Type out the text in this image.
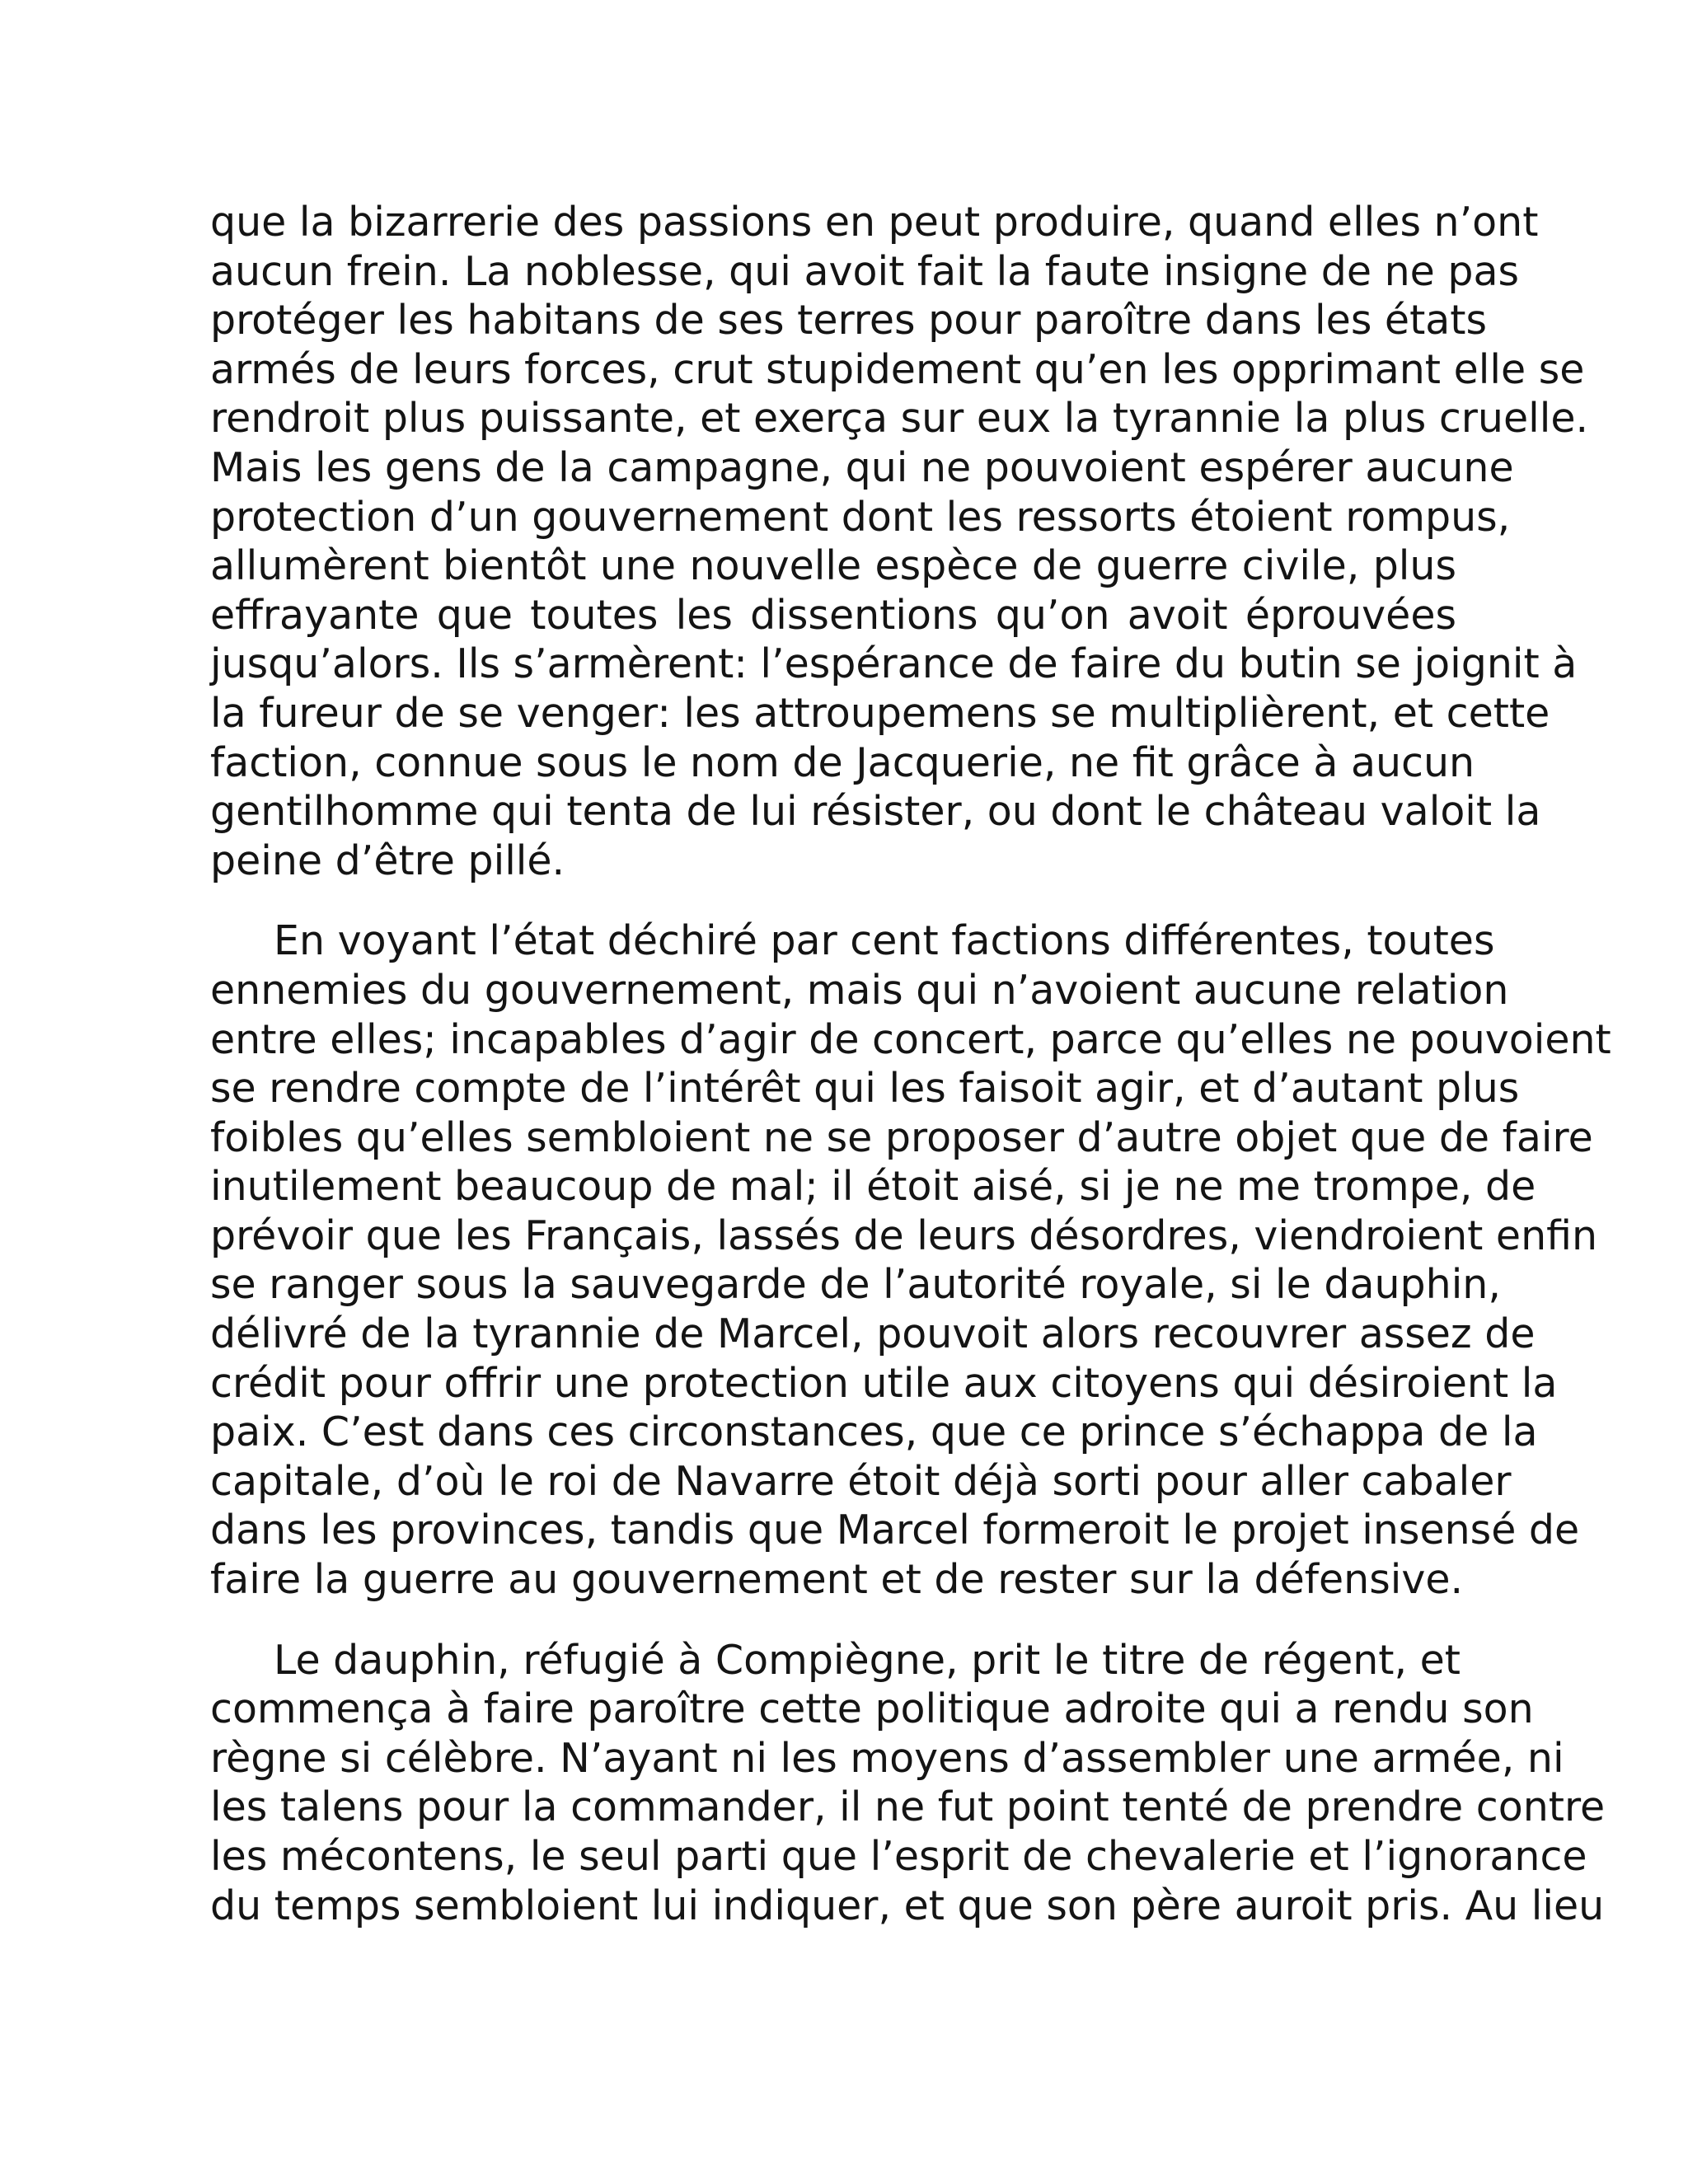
que la bizarrerie des passions en peut produire, quand elles n’ont
aucun frein. La noblesse, qui avoit fait la faute insigne de ne pas
protéger les habitans de ses terres pour paroître dans les états
armés de leurs forces, crut stupidement qu’en les opprimant elle se
rendroit plus puissante, et exerça sur eux la tyrannie la plus cruelle.
Mais les gens de la campagne, qui ne pouvoient espérer aucune
protection d’un gouvernement dont les ressorts étoient rompus,
allumèrent bientôt une nouvelle espèce de guerre civile, plus
effrayante que toutes les dissentions qu’on avoit éprouvées
jusqu’alors. Ils s’armèrent: l’espérance de faire du butin se joignit à
la fureur de se venger: les attroupemens se multiplièrent, et cette
faction, connue sous le nom de Jacquerie, ne fit grâce à aucun
gentilhomme qui tenta de lui résister, ou dont le château valoit la
peine d’être pillé.

En voyant l’état déchiré par cent factions différentes, toutes
ennemies du gouvernement, mais qui n’avoient aucune relation
entre elles; incapables d’agir de concert, parce qu’elles ne pouvoient
se rendre compte de l’intérêt qui les faisoit agir, et d’autant plus
foibles qu’elles sembloient ne se proposer d’autre objet que de faire
inutilement beaucoup de mal; il étoit aisé, si je ne me trompe, de
prévoir que les Français, lassés de leurs désordres, viendroient enfin
se ranger sous la sauvegarde de l’autorité royale, si le dauphin,
délivré de la tyrannie de Marcel, pouvoit alors recouvrer assez de
crédit pour offrir une protection utile aux citoyens qui désiroient la
paix. C’est dans ces circonstances, que ce prince s’échappa de la
capitale, d’où le roi de Navarre étoit déjà sorti pour aller cabaler
dans les provinces, tandis que Marcel formeroit le projet insensé de
faire la guerre au gouvernement et de rester sur la défensive.

Le dauphin, réfugié à Compiègne, prit le titre de régent, et
commença à faire paroître cette politique adroite qui a rendu son
règne si célèbre. N’ayant ni les moyens d’assembler une armée, ni
les talens pour la commander, il ne fut point tenté de prendre contre
les mécontens, le seul parti que l’esprit de chevalerie et l’ignorance
du temps sembloient lui indiquer, et que son père auroit pris. Au lieu
